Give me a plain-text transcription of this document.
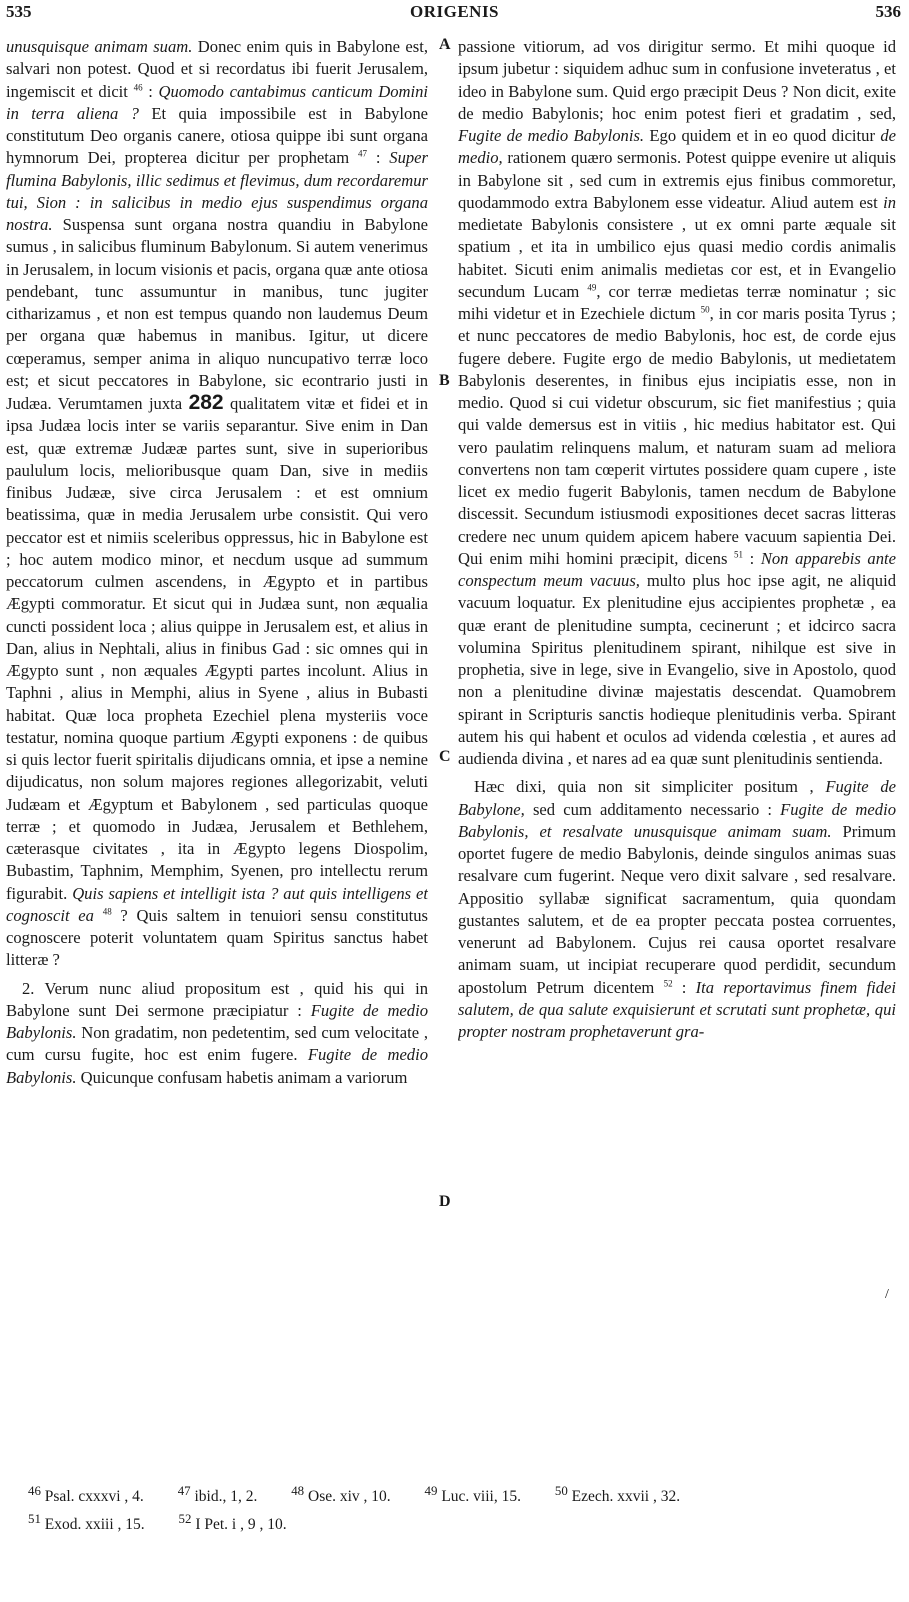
535	ORIGENIS	536
A
B
C
D

unusquisque animam suam. Donec enim quis in Babylone est, salvari non potest. Quod et si recordatus ibi fuerit Jerusalem, ingemiscit et dicit $^{46}$ : Quomodo cantabimus canticum Domini in terra aliena ? Et quia impossibile est in Babylone constitutum Deo organis canere, otiosa quippe ibi sunt organa hymnorum Dei, propterea dicitur per prophetam $^{47}$ : Super flumina Babylonis, illic sedimus et flevimus, dum recordaremur tui, Sion : in salicibus in medio ejus suspendimus organa nostra. Suspensa sunt organa nostra quandiu in Babylone sumus , in salicibus fluminum Babylonum. Si autem venerimus in Jerusalem, in locum visionis et pacis, organa quæ ante otiosa pendebant, tunc assumuntur in manibus, tunc jugiter citharizamus , et non est tempus quando non laudemus Deum per organa quæ habemus in manibus. Igitur, ut dicere cœperamus, semper anima in aliquo nuncupativo terræ loco est; et sicut peccatores in Babylone, sic econtrario justi in Judæa. Verumtamen juxta 282 qualitatem vitæ et fidei et in ipsa Judæa locis inter se variis separantur. Sive enim in Dan est, quæ extremæ Judææ partes sunt, sive in superioribus paululum locis, melioribusque quam Dan, sive in mediis finibus Judææ, sive circa Jerusalem : et est omnium beatissima, quæ in media Jerusalem urbe consistit. Qui vero peccator est et nimiis sceleribus oppressus, hic in Babylone est ; hoc autem modico minor, et necdum usque ad summum peccatorum culmen ascendens, in Ægypto et in partibus Ægypti commoratur. Et sicut qui in Judæa sunt, non æqualia cuncti possident loca ; alius quippe in Jerusalem est, et alius in Dan, alius in Nephtali, alius in finibus Gad : sic omnes qui in Ægypto sunt , non æquales Ægypti partes incolunt. Alius in Taphni , alius in Memphi, alius in Syene , alius in Bubasti habitat. Quæ loca propheta Ezechiel plena mysteriis voce testatur, nomina quoque partium Ægypti exponens : de quibus si quis lector fuerit spiritalis dijudicans omnia, et ipse a nemine dijudicatus, non solum majores regiones allegorizabit, veluti Judæam et Ægyptum et Babylonem , sed particulas quoque terræ ; et quomodo in Judæa, Jerusalem et Bethlehem, cæterasque civitates , ita in Ægypto legens Diospolim, Bubastim, Taphnim, Memphim, Syenen, pro intellectu rerum figurabit. Quis sapiens et intelligit ista ? aut quis intelligens et cognoscit ea $^{48}$ ? Quis saltem in tenuiori sensu constitutus cognoscere poterit voluntatem quam Spiritus sanctus habet litteræ ?

2. Verum nunc aliud propositum est , quid his qui in Babylone sunt Dei sermone præcipiatur : Fugite de medio Babylonis. Non gradatim, non pedetentim, sed cum velocitate , cum cursu fugite, hoc est enim fugere. Fugite de medio Babylonis. Quicunque confusam habetis animam a variorum

passione vitiorum, ad vos dirigitur sermo. Et mihi quoque id ipsum jubetur : siquidem adhuc sum in confusione inveteratus , et ideo in Babylone sum. Quid ergo præcipit Deus ? Non dicit, exite de medio Babylonis; hoc enim potest fieri et gradatim , sed, Fugite de medio Babylonis. Ego quidem et in eo quod dicitur de medio, rationem quæro sermonis. Potest quippe evenire ut aliquis in Babylone sit , sed cum in extremis ejus finibus commoretur, quodammodo extra Babylonem esse videatur. Aliud autem est in medietate Babylonis consistere , ut ex omni parte æquale sit spatium , et ita in umbilico ejus quasi medio cordis animalis habitet. Sicuti enim animalis medietas cor est, et in Evangelio secundum Lucam $^{49}$, cor terræ medietas terræ nominatur ; sic mihi videtur et in Ezechiele dictum $^{50}$, in cor maris posita Tyrus ; et nunc peccatores de medio Babylonis, hoc est, de corde ejus fugere debere. Fugite ergo de medio Babylonis, ut medietatem Babylonis deserentes, in finibus ejus incipiatis esse, non in medio. Quod si cui videtur obscurum, sic fiet manifestius ; quia qui valde demersus est in vitiis , hic medius habitator est. Qui vero paulatim relinquens malum, et naturam suam ad meliora convertens non tam cœperit virtutes possidere quam cupere , iste licet ex medio fugerit Babylonis, tamen necdum de Babylone discessit. Secundum istiusmodi expositiones decet sacras litteras credere nec unum quidem apicem habere vacuum sapientia Dei. Qui enim mihi homini præcipit, dicens $^{51}$ : Non apparebis ante conspectum meum vacuus, multo plus hoc ipse agit, ne aliquid vacuum loquatur. Ex plenitudine ejus accipientes prophetæ , ea quæ erant de plenitudine sumpta, cecinerunt ; et idcirco sacra volumina Spiritus plenitudinem spirant, nihilque est sive in prophetia, sive in lege, sive in Evangelio, sive in Apostolo, quod non a plenitudine divinæ majestatis descendat. Quamobrem spirant in Scripturis sanctis hodieque plenitudinis verba. Spirant autem his qui habent et oculos ad videnda cœlestia , et aures ad audienda divina , et nares ad ea quæ sunt plenitudinis sentienda.

Hæc dixi, quia non sit simpliciter positum , Fugite de Babylone, sed cum additamento necessario : Fugite de medio Babylonis, et resalvate unusquisque animam suam. Primum oportet fugere de medio Babylonis, deinde singulos animas suas resalvare cum fugerint. Neque vero dixit salvare , sed resalvare. Appositio syllabæ significat sacramentum, quia quondam gustantes salutem, et de ea propter peccata postea corruentes, venerunt ad Babylonem. Cujus rei causa oportet resalvare animam suam, ut incipiat recuperare quod perdidit, secundum apostolum Petrum dicentem $^{52}$ : Ita reportavimus finem fidei salutem, de qua salute exquisierunt et scrutati sunt prophetæ, qui propter nostram prophetaverunt gra-

/

$^{46}$ Psal. cxxxvi , 4.	$^{47}$ ibid., 1, 2.	$^{48}$ Ose. xiv , 10.	$^{49}$ Luc. viii, 15.	$^{50}$ Ezech. xxvii , 32.

$^{51}$ Exod. xxiii , 15.	$^{52}$ I Pet. i , 9 , 10.
